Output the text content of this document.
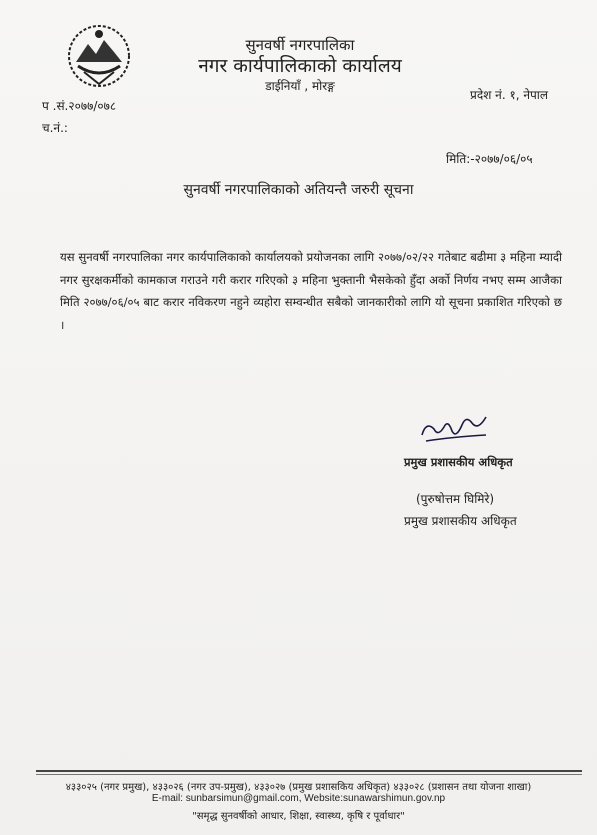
सुनवर्षी नगरपालिका
नगर कार्यपालिकाको कार्यालय
डाईनियाँ , मोरङ्ग
प्रदेश नं. १, नेपाल
प .सं.२०७७/०७८
च.नं.:
मिति:-२०७७/०६/०५
सुनवर्षी नगरपालिकाको अतियन्तै जरुरी सूचना
यस सुनवर्षी नगरपालिका नगर कार्यपालिकाको कार्यालयको प्रयोजनका लागि २०७७/०२/२२ गतेबाट बढीमा ३ महिना म्यादी नगर सुरक्षकर्मीको कामकाज गराउने गरी करार गरिएको ३ महिना भुक्तानी भैसकेको हुँदा अर्को निर्णय नभए सम्म आजैका मिति २०७७/०६/०५ बाट करार नविकरण नहुने व्यहोरा सम्वन्धीत सबैको जानकारीको लागि यो सूचना प्रकाशित गरिएको छ ।
प्रमुख प्रशासकीय अधिकृत
(पुरुषोत्तम घिमिरे)
प्रमुख प्रशासकीय अधिकृत
४३३०२५ (नगर प्रमुख), ४३३०२६ (नगर उप-प्रमुख), ४३३०२७ (प्रमुख प्रशासकिय अधिकृत) ४३३०२८ (प्रशासन तथा योजना शाखा)
E-mail: sunbarsimun@gmail.com, Website:sunawarshimun.gov.np
"समृद्ध सुनवर्षीको आधार, शिक्षा, स्वास्थ्य, कृषि र पूर्वाधार"
